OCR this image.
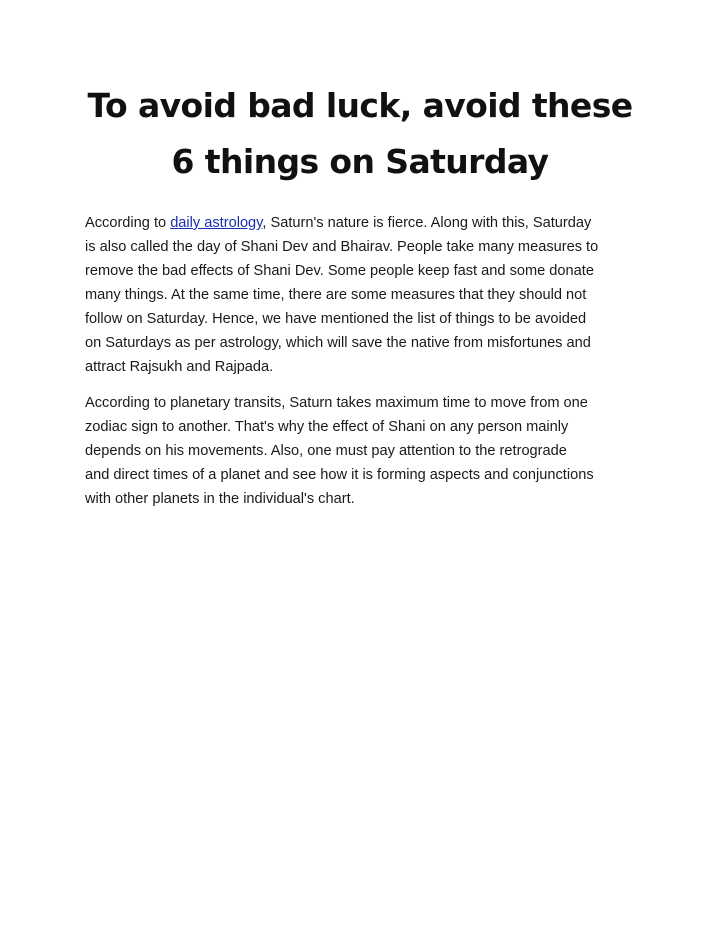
To avoid bad luck, avoid these
6 things on Saturday

According to daily astrology, Saturn's nature is fierce. Along with this, Saturday
is also called the day of Shani Dev and Bhairav. People take many measures to
remove the bad effects of Shani Dev. Some people keep fast and some donate
many things. At the same time, there are some measures that they should not
follow on Saturday. Hence, we have mentioned the list of things to be avoided
on Saturdays as per astrology, which will save the native from misfortunes and
attract Rajsukh and Rajpada.

According to planetary transits, Saturn takes maximum time to move from one
zodiac sign to another. That's why the effect of Shani on any person mainly
depends on his movements. Also, one must pay attention to the retrograde
and direct times of a planet and see how it is forming aspects and conjunctions
with other planets in the individual's chart.
